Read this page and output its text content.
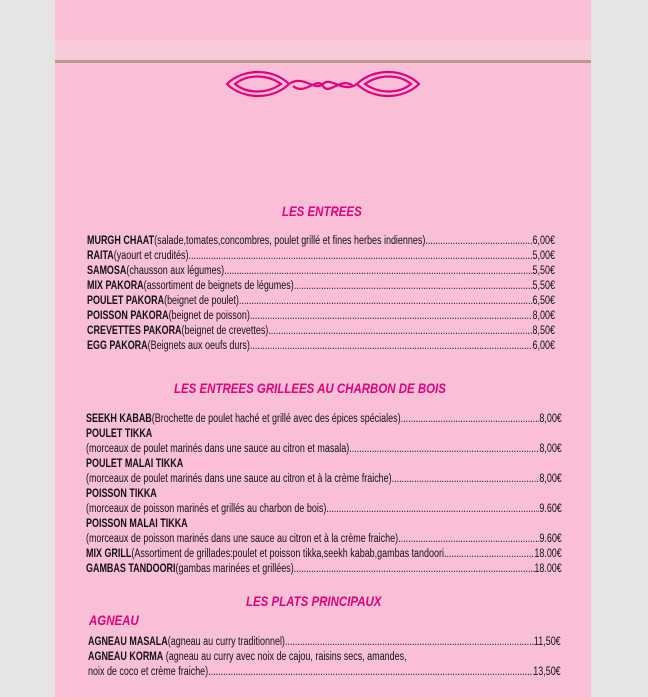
LES ENTREES
MURGH CHAAT (salade,tomates,concombres, poulet grillé et fines herbes indiennes) .....	6,00€
RAITA (yaourt et crudités) .....	5,00€
SAMOSA (chausson aux légumes) .....	5,50€
MIX PAKORA (assortiment de beignets de légumes) .....	5,50€
POULET PAKORA (beignet de poulet) .....	6,50€
POISSON PAKORA (beignet de poisson) .....	8,00€
CREVETTES PAKORA (beignet de crevettes) .....	8,50€
EGG PAKORA (Beignets aux oeufs durs) .....	6,00€
LES ENTREES GRILLEES AU CHARBON DE BOIS
SEEKH KABAB (Brochette de poulet haché et grillé avec des épices spéciales) .....	8,00€
POULET TIKKA
(morceaux de poulet marinés dans une sauce au citron et masala) .....	8,00€
POULET MALAI TIKKA
(morceaux de poulet marinés dans une sauce au citron et à la crème fraiche) .....	8,00€
POISSON TIKKA
(morceaux de poisson marinés et grillés au charbon de bois) .....	.9.60€
POISSON MALAI TIKKA
(morceaux de poisson marinés dans une sauce au citron et à la crème fraiche) .....	9.60€
MIX GRILL (Assortiment de grillades:poulet et poisson tikka,seekh kabab,gambas tandoori .....	18.00€
GAMBAS TANDOORI (gambas marinées et grillées) .....	18.00€
LES PLATS PRINCIPAUX
AGNEAU
AGNEAU MASALA (agneau au curry traditionnel) .....	11,50€
AGNEAU KORMA (agneau au curry avec noix de cajou, raisins secs, amandes,
noix de coco et crème fraiche) .....	13,50€
